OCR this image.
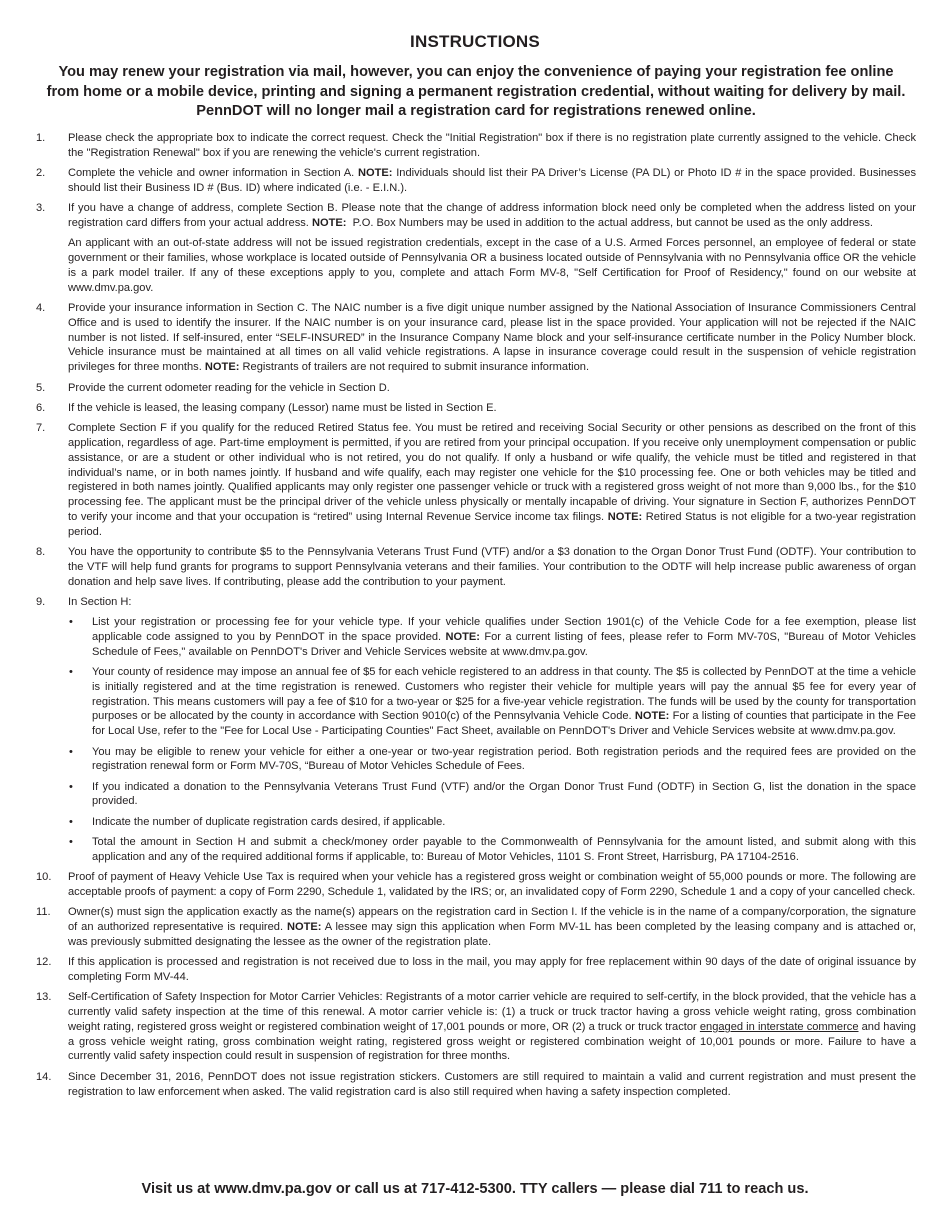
INSTRUCTIONS
You may renew your registration via mail, however, you can enjoy the convenience of paying your registration fee online from home or a mobile device, printing and signing a permanent registration credential, without waiting for delivery by mail. PennDOT will no longer mail a registration card for registrations renewed online.
1. Please check the appropriate box to indicate the correct request. Check the "Initial Registration" box if there is no registration plate currently assigned to the vehicle. Check the "Registration Renewal" box if you are renewing the vehicle's current registration.

2. Complete the vehicle and owner information in Section A. NOTE: Individuals should list their PA Driver’s License (PA DL) or Photo ID # in the space provided. Businesses should list their Business ID # (Bus. ID) where indicated (i.e. - E.I.N.).

3. If you have a change of address, complete Section B. Please note that the change of address information block need only be completed when the address listed on your registration card differs from your actual address. NOTE: P.O. Box Numbers may be used in addition to the actual address, but cannot be used as the only address.

An applicant with an out-of-state address will not be issued registration credentials, except in the case of a U.S. Armed Forces personnel, an employee of federal or state government or their families, whose workplace is located outside of Pennsylvania OR a business located outside of Pennsylvania with no Pennsylvania office OR the vehicle is a park model trailer. If any of these exceptions apply to you, complete and attach Form MV-8, "Self Certification for Proof of Residency," found on our website at www.dmv.pa.gov.

4. Provide your insurance information in Section C. The NAIC number is a five digit unique number assigned by the National Association of Insurance Commissioners Central Office and is used to identify the insurer. If the NAIC number is on your insurance card, please list in the space provided. Your application will not be rejected if the NAIC number is not listed. If self-insured, enter “SELF-INSURED” in the Insurance Company Name block and your self-insurance certificate number in the Policy Number block. Vehicle insurance must be maintained at all times on all valid vehicle registrations. A lapse in insurance coverage could result in the suspension of vehicle registration privileges for three months. NOTE: Registrants of trailers are not required to submit insurance information.

5. Provide the current odometer reading for the vehicle in Section D.

6. If the vehicle is leased, the leasing company (Lessor) name must be listed in Section E.

7. Complete Section F if you qualify for the reduced Retired Status fee. You must be retired and receiving Social Security or other pensions as described on the front of this application, regardless of age. Part-time employment is permitted, if you are retired from your principal occupation. If you receive only unemployment compensation or public assistance, or are a student or other individual who is not retired, you do not qualify. If only a husband or wife qualify, the vehicle must be titled and registered in that individual’s name, or in both names jointly. If husband and wife qualify, each may register one vehicle for the $10 processing fee. One or both vehicles may be titled and registered in both names jointly. Qualified applicants may only register one passenger vehicle or truck with a registered gross weight of not more than 9,000 lbs., for the $10 processing fee. The applicant must be the principal driver of the vehicle unless physically or mentally incapable of driving. Your signature in Section F, authorizes PennDOT to verify your income and that your occupation is “retired” using Internal Revenue Service income tax filings. NOTE: Retired Status is not eligible for a two-year registration period.

8. You have the opportunity to contribute $5 to the Pennsylvania Veterans Trust Fund (VTF) and/or a $3 donation to the Organ Donor Trust Fund (ODTF). Your contribution to the VTF will help fund grants for programs to support Pennsylvania veterans and their families. Your contribution to the ODTF will help increase public awareness of organ donation and help save lives. If contributing, please add the contribution to your payment.

9. In Section H:

• List your registration or processing fee for your vehicle type. If your vehicle qualifies under Section 1901(c) of the Vehicle Code for a fee exemption, please list applicable code assigned to you by PennDOT in the space provided. NOTE: For a current listing of fees, please refer to Form MV-70S, "Bureau of Motor Vehicles Schedule of Fees," available on PennDOT's Driver and Vehicle Services website at www.dmv.pa.gov.

• Your county of residence may impose an annual fee of $5 for each vehicle registered to an address in that county. The $5 is collected by PennDOT at the time a vehicle is initially registered and at the time registration is renewed. Customers who register their vehicle for multiple years will pay the annual $5 fee for every year of registration. This means customers will pay a fee of $10 for a two-year or $25 for a five-year vehicle registration. The funds will be used by the county for transportation purposes or be allocated by the county in accordance with Section 9010(c) of the Pennsylvania Vehicle Code. NOTE: For a listing of counties that participate in the Fee for Local Use, refer to the "Fee for Local Use - Participating Counties" Fact Sheet, available on PennDOT's Driver and Vehicle Services website at www.dmv.pa.gov.

• You may be eligible to renew your vehicle for either a one-year or two-year registration period. Both registration periods and the required fees are provided on the registration renewal form or Form MV-70S, “Bureau of Motor Vehicles Schedule of Fees.

• If you indicated a donation to the Pennsylvania Veterans Trust Fund (VTF) and/or the Organ Donor Trust Fund (ODTF) in Section G, list the donation in the space provided.

• Indicate the number of duplicate registration cards desired, if applicable.

• Total the amount in Section H and submit a check/money order payable to the Commonwealth of Pennsylvania for the amount listed, and submit along with this application and any of the required additional forms if applicable, to: Bureau of Motor Vehicles, 1101 S. Front Street, Harrisburg, PA 17104-2516.

10. Proof of payment of Heavy Vehicle Use Tax is required when your vehicle has a registered gross weight or combination weight of 55,000 pounds or more. The following are acceptable proofs of payment: a copy of Form 2290, Schedule 1, validated by the IRS; or, an invalidated copy of Form 2290, Schedule 1 and a copy of your cancelled check.

11. Owner(s) must sign the application exactly as the name(s) appears on the registration card in Section I. If the vehicle is in the name of a company/corporation, the signature of an authorized representative is required. NOTE: A lessee may sign this application when Form MV-1L has been completed by the leasing company and is attached or, was previously submitted designating the lessee as the owner of the registration plate.

12. If this application is processed and registration is not received due to loss in the mail, you may apply for free replacement within 90 days of the date of original issuance by completing Form MV-44.

13. Self-Certification of Safety Inspection for Motor Carrier Vehicles: Registrants of a motor carrier vehicle are required to self-certify, in the block provided, that the vehicle has a currently valid safety inspection at the time of this renewal. A motor carrier vehicle is: (1) a truck or truck tractor having a gross vehicle weight rating, gross combination weight rating, registered gross weight or registered combination weight of 17,001 pounds or more, OR (2) a truck or truck tractor engaged in interstate commerce and having a gross vehicle weight rating, gross combination weight rating, registered gross weight or registered combination weight of 10,001 pounds or more. Failure to have a currently valid safety inspection could result in suspension of registration for three months.

14. Since December 31, 2016, PennDOT does not issue registration stickers. Customers are still required to maintain a valid and current registration and must present the registration to law enforcement when asked. The valid registration card is also still required when having a safety inspection completed.

Visit us at www.dmv.pa.gov or call us at 717-412-5300. TTY callers — please dial 711 to reach us.
